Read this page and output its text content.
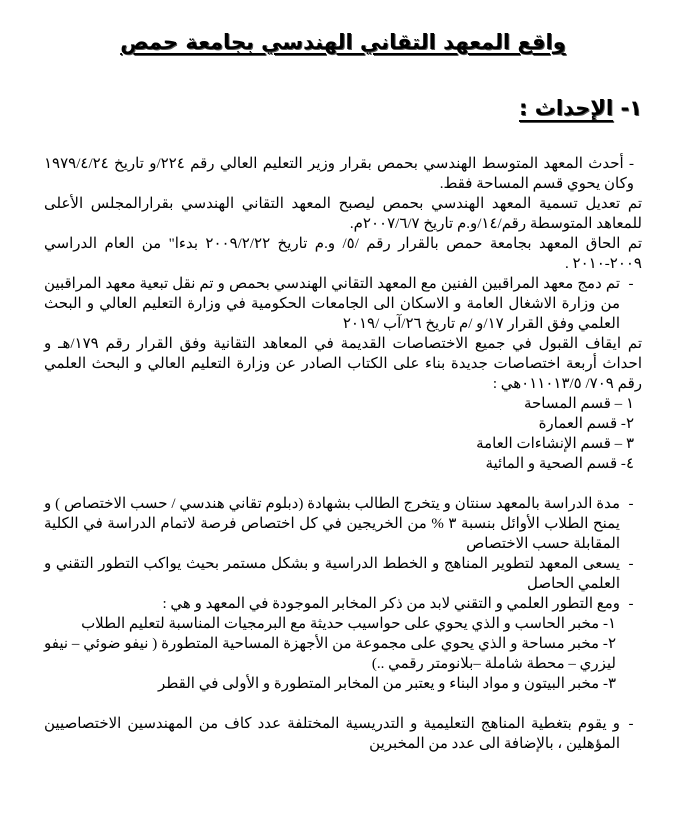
واقع المعهد التقاني الهندسي بجامعة حمص
١- الإحداث :

- أحدث المعهد المتوسط الهندسي بحمص بقرار وزير التعليم العالي رقم ٢٢٤/و تاريخ ١٩٧٩/٤/٢٤ وكان يحوي قسم المساحة فقط.

تم تعديل تسمية المعهد الهندسي بحمص ليصبح المعهد التقاني الهندسي بقرارالمجلس الأعلى للمعاهد المتوسطة رقم/١٤/و.م تاريخ ٢٠٠٧/٦/٧م.

تم الحاق المعهد بجامعة حمص بالقرار رقم /٥/ و.م تاريخ ٢٠٠٩/٢/٢٢ بدءا" من العام الدراسي ٢٠٠٩-٢٠١٠ .

-
تم دمج معهد المراقبين الفنين مع المعهد التقاني الهندسي بحمص و تم نقل تبعية معهد المراقبين من وزارة الاشغال العامة و الاسكان الى الجامعات الحكومية في وزارة التعليم العالي و البحث العلمي وفق القرار ١٧/و /م تاريخ ٢٦/آب /٢٠١٩

تم ايقاف القبول في جميع الاختصاصات القديمة في المعاهد التقانية وفق القرار رقم ١٧٩/هـ و احداث أربعة اختصاصات جديدة بناء على الكتاب الصادر عن وزارة التعليم العالي و البحث العلمي رقم ٧٠٩/ ٠١١٠١٣/٥هي :

١ – قسم المساحة
٢- قسم العمارة
٣ – قسم الإنشاءات العامة
٤- قسم الصحية و المائية
-
مدة الدراسة بالمعهد سنتان و يتخرج الطالب بشهادة (دبلوم تقاني هندسي / حسب الاختصاص ) و يمنح الطلاب الأوائل بنسبة ٣ % من الخريجين في كل اختصاص فرصة لاتمام الدراسة في الكلية المقابلة حسب الاختصاص
-
يسعى المعهد لتطوير المناهج و الخطط الدراسية و بشكل مستمر بحيث يواكب التطور التقني و العلمي الحاصل
-
ومع التطور العلمي و التقني لابد من ذكر المخابر الموجودة في المعهد و هي :
١- مخبر الحاسب و الذي يحوي على حواسيب حديثة مع البرمجيات المناسبة لتعليم الطلاب
٢- مخبر مساحة و الذي يحوي على مجموعة من الأجهزة المساحية المتطورة ( نيفو ضوئي – نيفو ليزري – محطة شاملة –بلانومتر رقمي ..)
٣- مخبر البيتون و مواد البناء و يعتبر من المخابر المتطورة و الأولى في القطر
-
و يقوم بتغطية المناهج التعليمية و التدريسية المختلفة عدد كاف من المهندسين الاختصاصيين المؤهلين ، بالإضافة الى عدد من المخبرين
